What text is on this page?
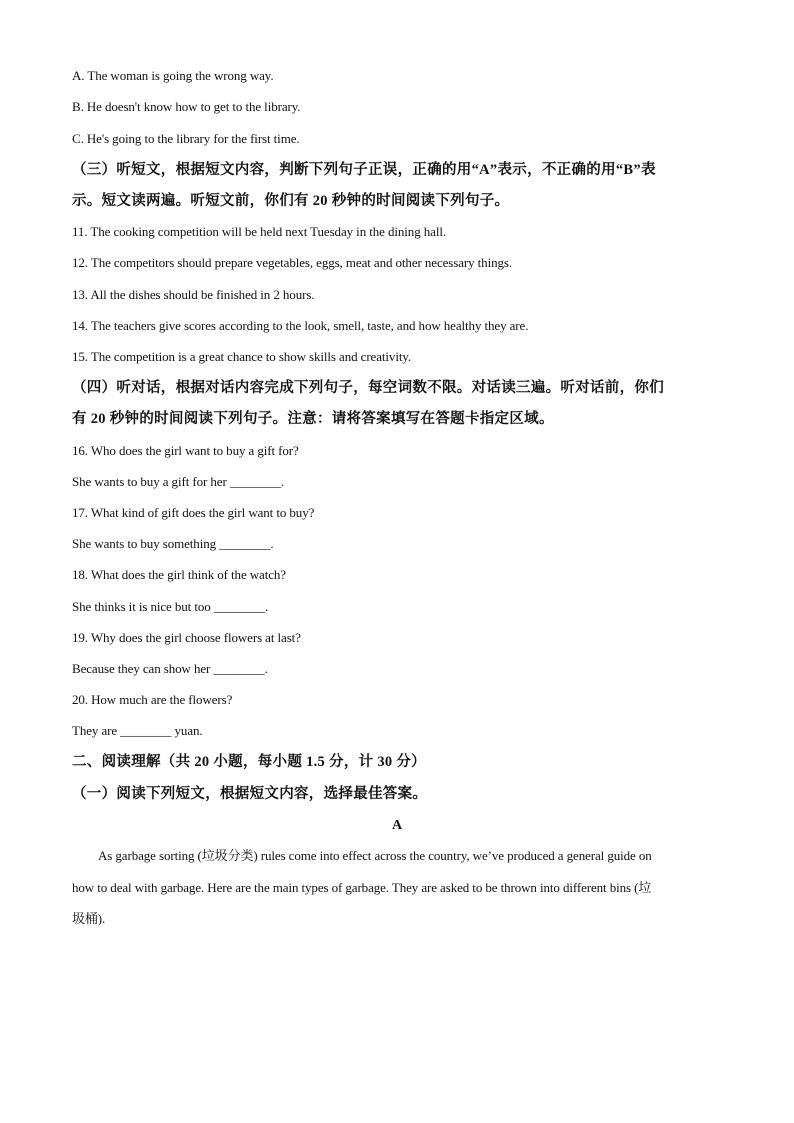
A. The woman is going the wrong way.
B. He doesn't know how to get to the library.
C. He's going to the library for the first time.
（三）听短文，根据短文内容，判断下列句子正误，正确的用“A”表示，不正确的用“B”表
示。短文读两遍。听短文前，你们有 20 秒钟的时间阅读下列句子。
11. The cooking competition will be held next Tuesday in the dining hall.
12. The competitors should prepare vegetables, eggs, meat and other necessary things.
13. All the dishes should be finished in 2 hours.
14. The teachers give scores according to the look, smell, taste, and how healthy they are.
15. The competition is a great chance to show skills and creativity.
（四）听对话，根据对话内容完成下列句子，每空词数不限。对话读三遍。听对话前，你们
有 20 秒钟的时间阅读下列句子。注意：请将答案填写在答题卡指定区域。
16. Who does the girl want to buy a gift for?
She wants to buy a gift for her ________.
17. What kind of gift does the girl want to buy?
She wants to buy something ________.
18. What does the girl think of the watch?
She thinks it is nice but too ________.
19. Why does the girl choose flowers at last?
Because they can show her ________.
20. How much are the flowers?
They are ________ yuan.
二、阅读理解（共 20 小题，每小题 1.5 分，计 30 分）
（一）阅读下列短文，根据短文内容，选择最佳答案。
A
As garbage sorting (垃圾分类) rules come into effect across the country, we’ve produced a general guide on
how to deal with garbage. Here are the main types of garbage. They are asked to be thrown into different bins (垃
圾桶).
